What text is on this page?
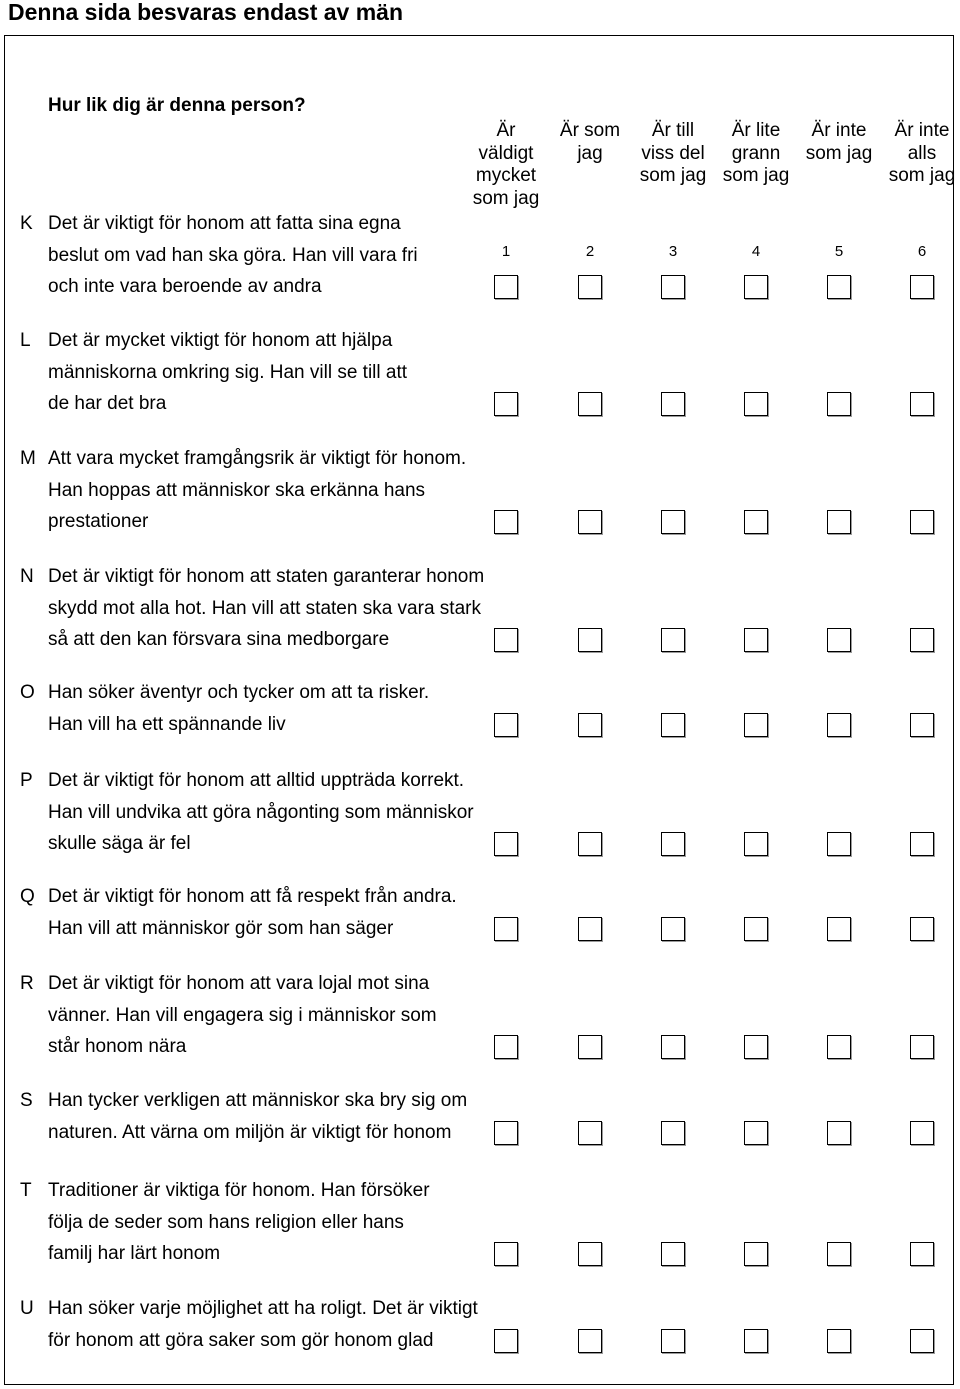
Denna sida besvaras endast av män
Hur lik dig är denna person?
Är
väldigt
mycket
som jag
1
Är som
jag
2
Är till
viss del
som jag
3
Är lite
grann
som jag
4
Är inte
som jag
5
Är inte
alls
som jag
6
K Det är viktigt för honom att fatta sina egna
beslut om vad han ska göra. Han vill vara fri
och inte vara beroende av andra
L Det är mycket viktigt för honom att hjälpa
människorna omkring sig. Han vill se till att
de har det bra
M Att vara mycket framgångsrik är viktigt för honom.
Han hoppas att människor ska erkänna hans
prestationer
N Det är viktigt för honom att staten garanterar honom
skydd mot alla hot. Han vill att staten ska vara stark
så att den kan försvara sina medborgare
O Han söker äventyr och tycker om att ta risker.
Han vill ha ett spännande liv
P Det är viktigt för honom att alltid uppträda korrekt.
Han vill undvika att göra någonting som människor
skulle säga är fel
Q Det är viktigt för honom att få respekt från andra.
Han vill att människor gör som han säger
R Det är viktigt för honom att vara lojal mot sina
vänner. Han vill engagera sig i människor som
står honom nära
S Han tycker verkligen att människor ska bry sig om
naturen. Att värna om miljön är viktigt för honom
T Traditioner är viktiga för honom. Han försöker
följa de seder som hans religion eller hans
familj har lärt honom
U Han söker varje möjlighet att ha roligt. Det är viktigt
för honom att göra saker som gör honom glad
